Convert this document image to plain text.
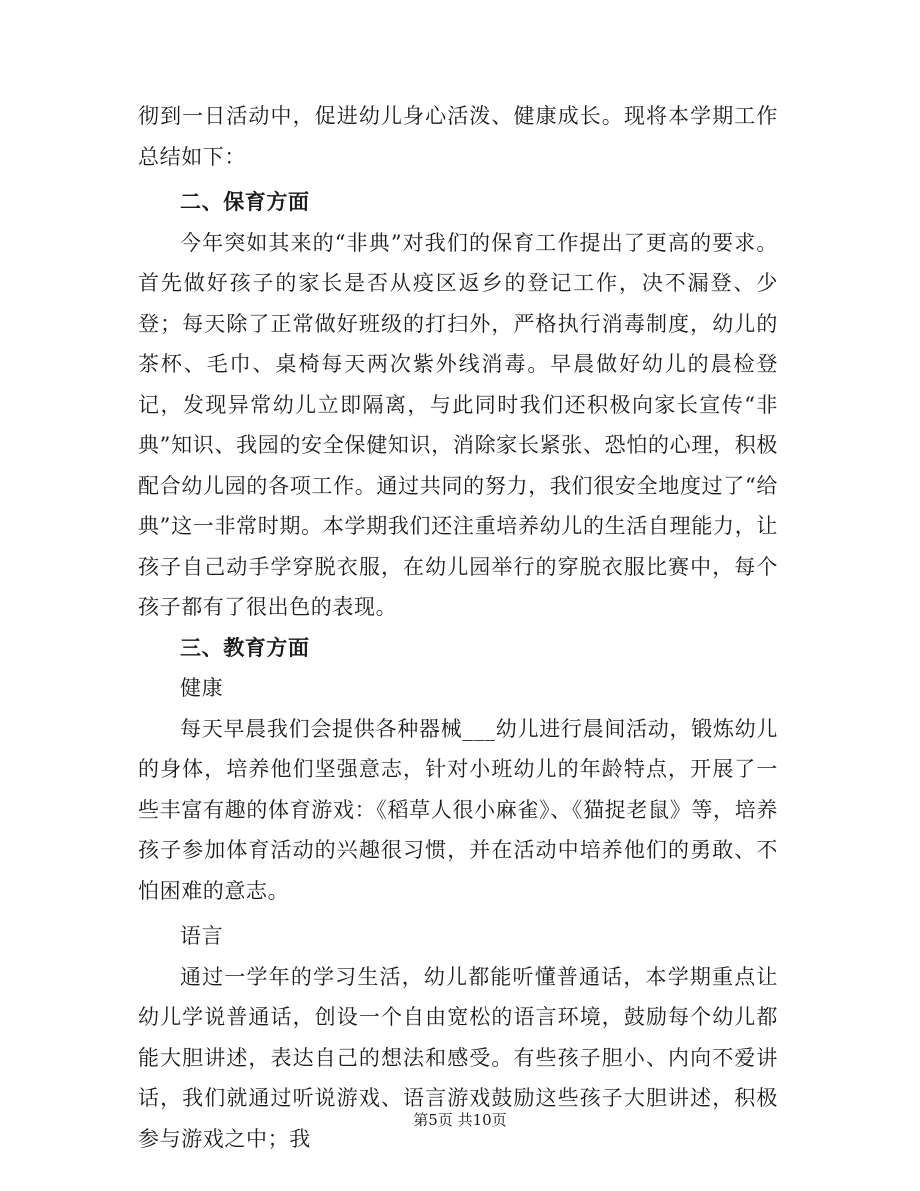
彻到一日活动中，促进幼儿身心活泼、健康成长。现将本学期工作总结如下：

二、保育方面

今年突如其来的“非典”对我们的保育工作提出了更高的要求。首先做好孩子的家长是否从疫区返乡的登记工作，决不漏登、少登；每天除了正常做好班级的打扫外，严格执行消毒制度，幼儿的茶杯、毛巾、桌椅每天两次紫外线消毒。早晨做好幼儿的晨检登记，发现异常幼儿立即隔离，与此同时我们还积极向家长宣传“非典”知识、我园的安全保健知识，消除家长紧张、恐怕的心理，积极配合幼儿园的各项工作。通过共同的努力，我们很安全地度过了“给典”这一非常时期。本学期我们还注重培养幼儿的生活自理能力，让孩子自己动手学穿脱衣服，在幼儿园举行的穿脱衣服比赛中，每个孩子都有了很出色的表现。

三、教育方面

健康

每天早晨我们会提供各种器械___幼儿进行晨间活动，锻炼幼儿的身体，培养他们坚强意志，针对小班幼儿的年龄特点，开展了一些丰富有趣的体育游戏：《稻草人很小麻雀》、《猫捉老鼠》等，培养孩子参加体育活动的兴趣很习惯，并在活动中培养他们的勇敢、不怕困难的意志。

语言

通过一学年的学习生活，幼儿都能听懂普通话，本学期重点让幼儿学说普通话，创设一个自由宽松的语言环境，鼓励每个幼儿都能大胆讲述，表达自己的想法和感受。有些孩子胆小、内向不爱讲话，我们就通过听说游戏、语言游戏鼓励这些孩子大胆讲述，积极参与游戏之中；我

第5页 共10页
